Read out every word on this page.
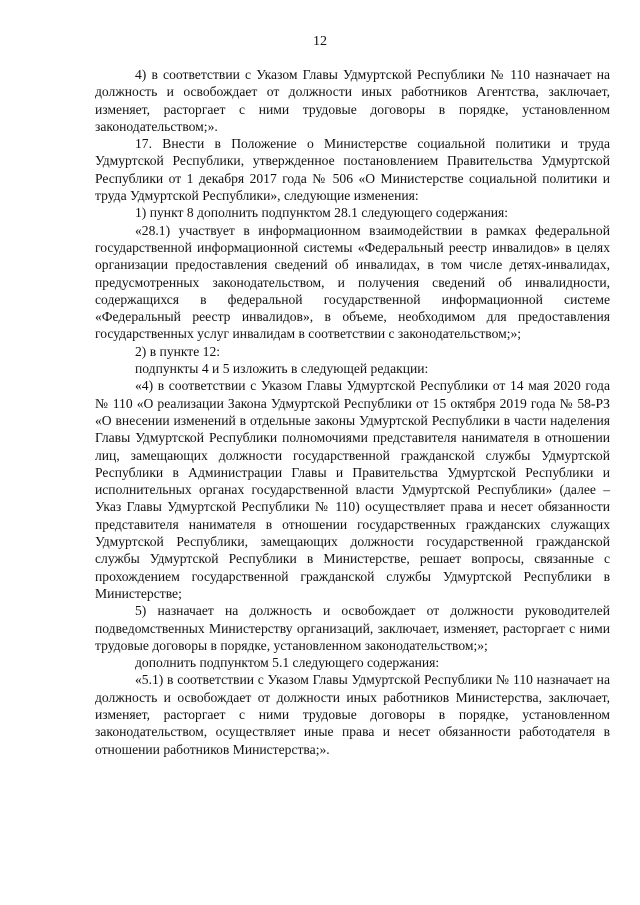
12

4) в соответствии с Указом Главы Удмуртской Республики № 110 назначает на должность и освобождает от должности иных работников Агентства, заключает, изменяет, расторгает с ними трудовые договоры в порядке, установленном законодательством;».

17. Внести в Положение о Министерстве социальной политики и труда Удмуртской Республики, утвержденное постановлением Правительства Удмуртской Республики от 1 декабря 2017 года № 506 «О Министерстве социальной политики и труда Удмуртской Республики», следующие изменения:

1) пункт 8 дополнить подпунктом 28.1 следующего содержания:

«28.1) участвует в информационном взаимодействии в рамках федеральной государственной информационной системы «Федеральный реестр инвалидов» в целях организации предоставления сведений об инвалидах, в том числе детях-инвалидах, предусмотренных законодательством, и получения сведений об инвалидности, содержащихся в федеральной государственной информационной системе «Федеральный реестр инвалидов», в объеме, необходимом для предоставления государственных услуг инвалидам в соответствии с законодательством;»;

2) в пункте 12:

подпункты 4 и 5 изложить в следующей редакции:

«4) в соответствии с Указом Главы Удмуртской Республики от 14 мая 2020 года № 110 «О реализации Закона Удмуртской Республики от 15 октября 2019 года № 58-РЗ «О внесении изменений в отдельные законы Удмуртской Республики в части наделения Главы Удмуртской Республики полномочиями представителя нанимателя в отношении лиц, замещающих должности государственной гражданской службы Удмуртской Республики в Администрации Главы и Правительства Удмуртской Республики и исполнительных органах государственной власти Удмуртской Республики» (далее – Указ Главы Удмуртской Республики № 110) осуществляет права и несет обязанности представителя нанимателя в отношении государственных гражданских служащих Удмуртской Республики, замещающих должности государственной гражданской службы Удмуртской Республики в Министерстве, решает вопросы, связанные с прохождением государственной гражданской службы Удмуртской Республики в Министерстве;

5) назначает на должность и освобождает от должности руководителей подведомственных Министерству организаций, заключает, изменяет, расторгает с ними трудовые договоры в порядке, установленном законодательством;»;

дополнить подпунктом 5.1 следующего содержания:

«5.1) в соответствии с Указом Главы Удмуртской Республики № 110 назначает на должность и освобождает от должности иных работников Министерства, заключает, изменяет, расторгает с ними трудовые договоры в порядке, установленном законодательством, осуществляет иные права и несет обязанности работодателя в отношении работников Министерства;».
